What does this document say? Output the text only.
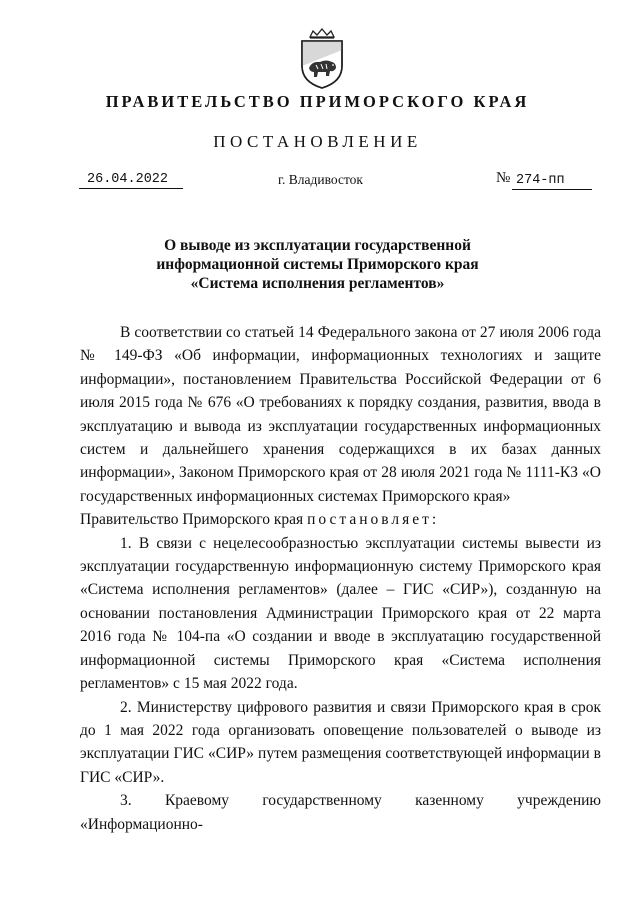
ПРАВИТЕЛЬСТВО ПРИМОРСКОГО КРАЯ
ПОСТАНОВЛЕНИЕ
26.04.2022	г. Владивосток	№ 274-пп
О выводе из эксплуатации государственной
информационной системы Приморского края
«Система исполнения регламентов»

В соответствии со статьей 14 Федерального закона от 27 июля 2006 года № 149-ФЗ «Об информации, информационных технологиях и защите информации», постановлением Правительства Российской Федерации от 6 июля 2015 года № 676 «О требованиях к порядку создания, развития, ввода в эксплуатацию и вывода из эксплуатации государственных информационных систем и дальнейшего хранения содержащихся в их базах данных информации», Законом Приморского края от 28 июля 2021 года № 1111-КЗ «О государственных информационных системах Приморского края»

Правительство Приморского края постановляет:

1. В связи с нецелесообразностью эксплуатации системы вывести из эксплуатации государственную информационную систему Приморского края «Система исполнения регламентов» (далее – ГИС «СИР»), созданную на основании постановления Администрации Приморского края от 22 марта 2016 года № 104-па «О создании и вводе в эксплуатацию государственной информационной системы Приморского края «Система исполнения регламентов» с 15 мая 2022 года.

2. Министерству цифрового развития и связи Приморского края в срок до 1 мая 2022 года организовать оповещение пользователей о выводе из эксплуатации ГИС «СИР» путем размещения соответствующей информации в ГИС «СИР».

3. Краевому государственному казенному учреждению «Информационно-
